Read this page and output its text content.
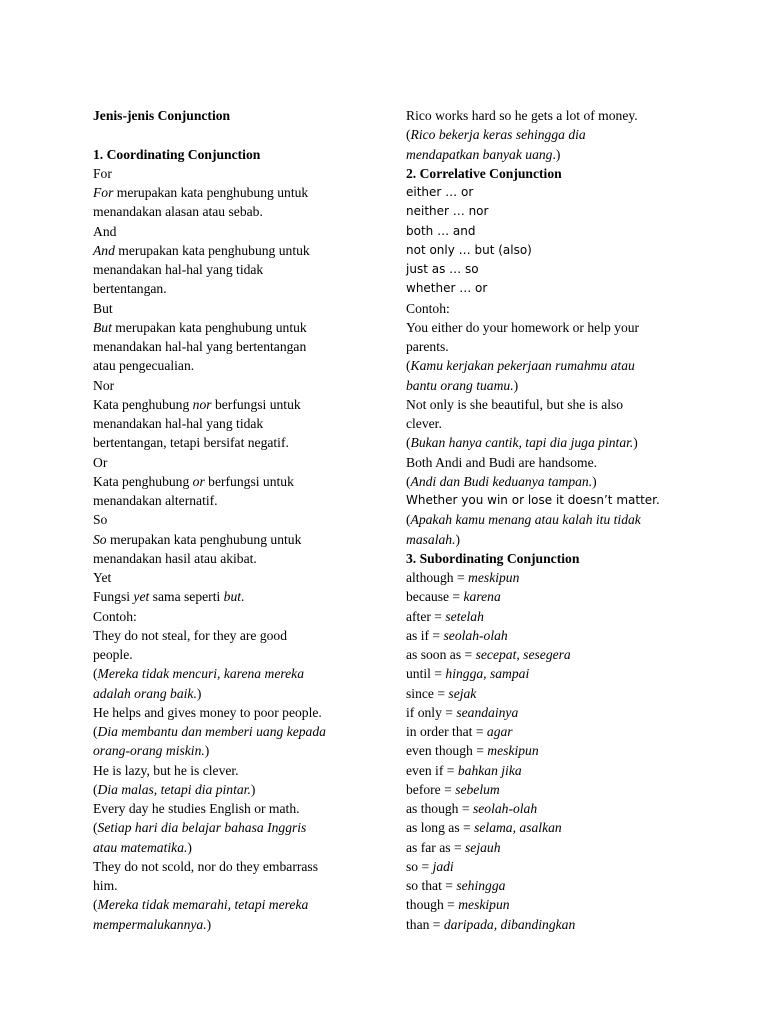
Jenis-jenis Conjunction
1. Coordinating Conjunction
For
For merupakan kata penghubung untuk
menandakan alasan atau sebab.
And
And merupakan kata penghubung untuk
menandakan hal-hal yang tidak
bertentangan.
But
But merupakan kata penghubung untuk
menandakan hal-hal yang bertentangan
atau pengecualian.
Nor
Kata penghubung nor berfungsi untuk
menandakan hal-hal yang tidak
bertentangan, tetapi bersifat negatif.
Or
Kata penghubung or berfungsi untuk
menandakan alternatif.
So
So merupakan kata penghubung untuk
menandakan hasil atau akibat.
Yet
Fungsi yet sama seperti but.
Contoh:
They do not steal, for they are good
people.
(Mereka tidak mencuri, karena mereka
adalah orang baik.)
He helps and gives money to poor people.
(Dia membantu dan memberi uang kepada
orang-orang miskin.)
He is lazy, but he is clever.
(Dia malas, tetapi dia pintar.)
Every day he studies English or math.
(Setiap hari dia belajar bahasa Inggris
atau matematika.)
They do not scold, nor do they embarrass
him.
(Mereka tidak memarahi, tetapi mereka
mempermalukannya.)
Rico works hard so he gets a lot of money.
(Rico bekerja keras sehingga dia
mendapatkan banyak uang.)
2. Correlative Conjunction
either … or
neither … nor
both … and
not only … but (also)
just as … so
whether … or
Contoh:
You either do your homework or help your
parents.
(Kamu kerjakan pekerjaan rumahmu atau
bantu orang tuamu.)
Not only is she beautiful, but she is also
clever.
(Bukan hanya cantik, tapi dia juga pintar.)
Both Andi and Budi are handsome.
(Andi dan Budi keduanya tampan.)
Whether you win or lose it doesn’t matter.
(Apakah kamu menang atau kalah itu tidak
masalah.)
3. Subordinating Conjunction
although = meskipun
because = karena
after = setelah
as if = seolah-olah
as soon as = secepat, sesegera
until = hingga, sampai
since = sejak
if only = seandainya
in order that = agar
even though = meskipun
even if = bahkan jika
before = sebelum
as though = seolah-olah
as long as = selama, asalkan
as far as = sejauh
so = jadi
so that = sehingga
though = meskipun
than = daripada, dibandingkan
